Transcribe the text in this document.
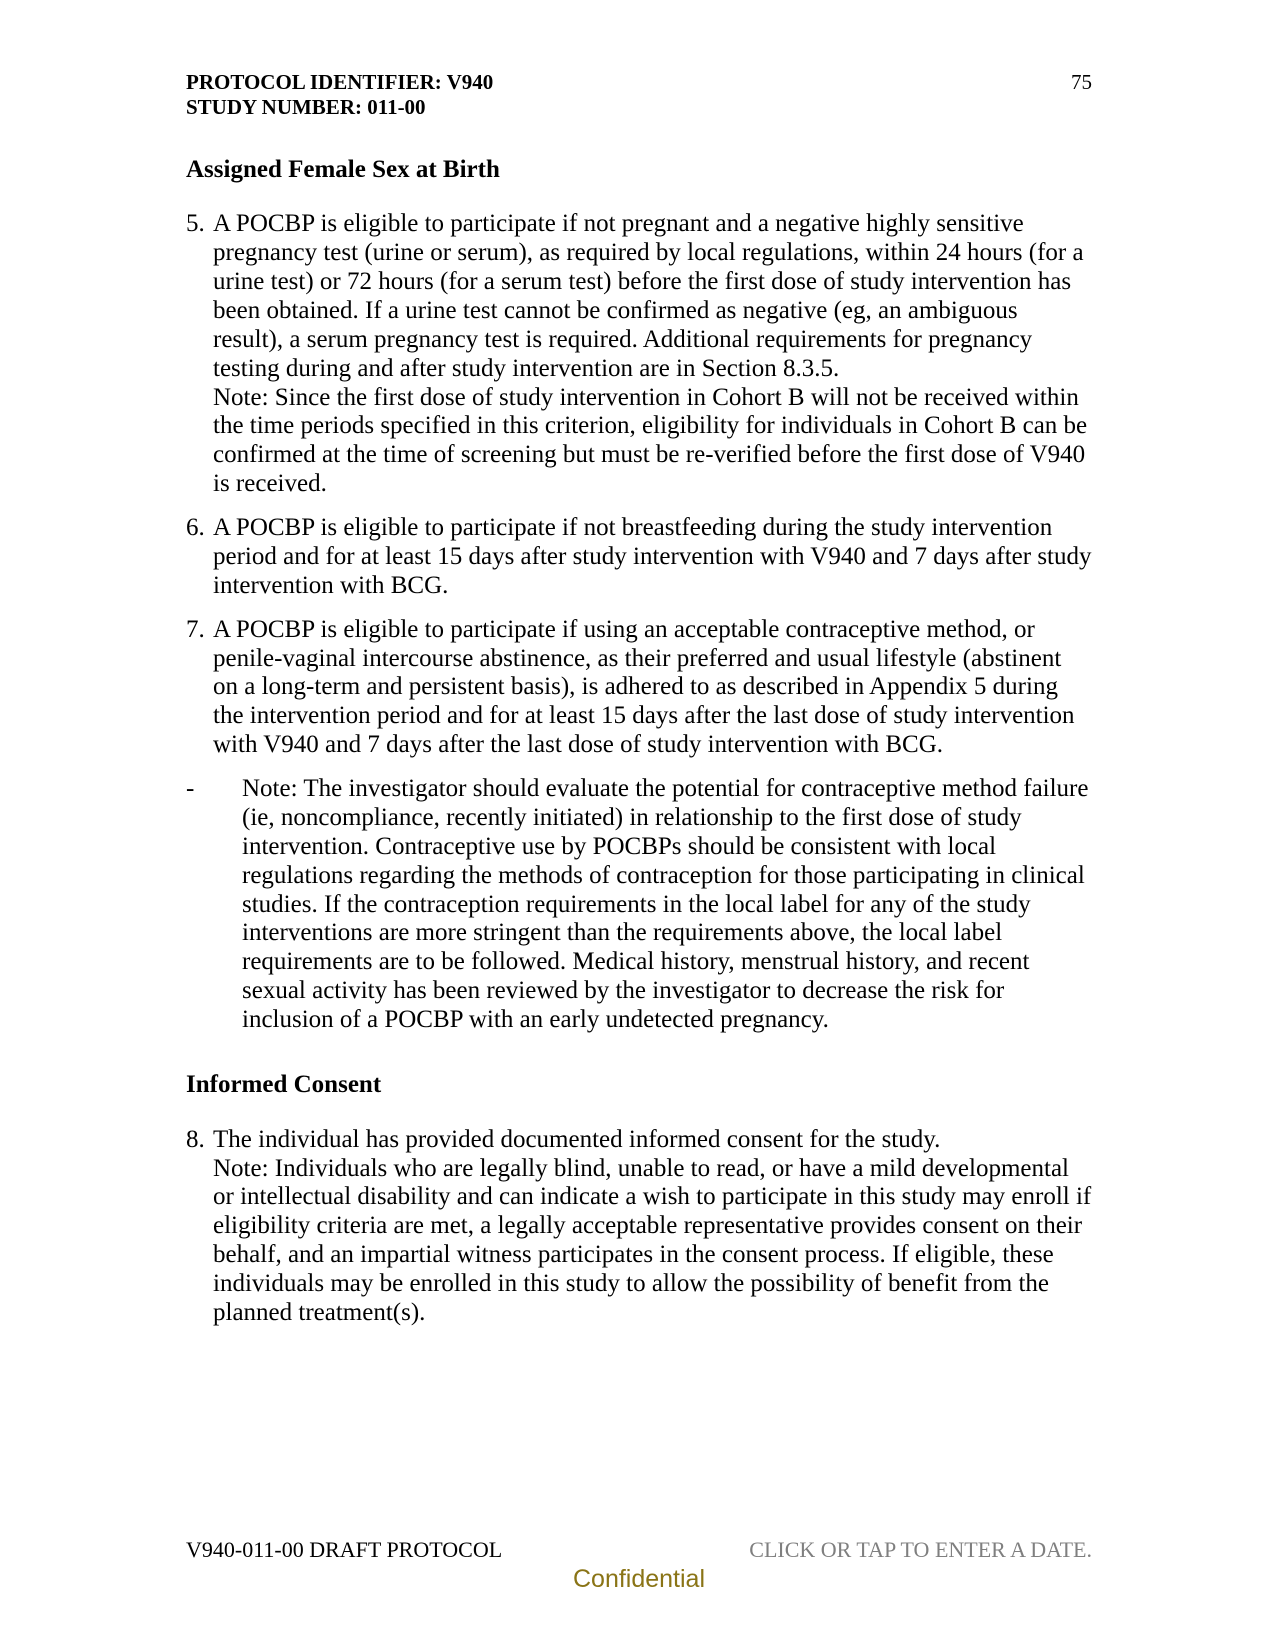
PROTOCOL IDENTIFIER: V940
STUDY NUMBER: 011-00
75
Assigned Female Sex at Birth
5. A POCBP is eligible to participate if not pregnant and a negative highly sensitive pregnancy test (urine or serum), as required by local regulations, within 24 hours (for a urine test) or 72 hours (for a serum test) before the first dose of study intervention has been obtained. If a urine test cannot be confirmed as negative (eg, an ambiguous result), a serum pregnancy test is required. Additional requirements for pregnancy testing during and after study intervention are in Section 8.3.5.

Note: Since the first dose of study intervention in Cohort B will not be received within the time periods specified in this criterion, eligibility for individuals in Cohort B can be confirmed at the time of screening but must be re-verified before the first dose of V940 is received.

6. A POCBP is eligible to participate if not breastfeeding during the study intervention period and for at least 15 days after study intervention with V940 and 7 days after study intervention with BCG.

7. A POCBP is eligible to participate if using an acceptable contraceptive method, or penile-vaginal intercourse abstinence, as their preferred and usual lifestyle (abstinent on a long-term and persistent basis), is adhered to as described in Appendix 5 during the intervention period and for at least 15 days after the last dose of study intervention with V940 and 7 days after the last dose of study intervention with BCG.

-	Note: The investigator should evaluate the potential for contraceptive method failure (ie, noncompliance, recently initiated) in relationship to the first dose of study intervention. Contraceptive use by POCBPs should be consistent with local regulations regarding the methods of contraception for those participating in clinical studies. If the contraception requirements in the local label for any of the study interventions are more stringent than the requirements above, the local label requirements are to be followed. Medical history, menstrual history, and recent sexual activity has been reviewed by the investigator to decrease the risk for inclusion of a POCBP with an early undetected pregnancy.

Informed Consent
8. The individual has provided documented informed consent for the study.

Note: Individuals who are legally blind, unable to read, or have a mild developmental or intellectual disability and can indicate a wish to participate in this study may enroll if eligibility criteria are met, a legally acceptable representative provides consent on their behalf, and an impartial witness participates in the consent process. If eligible, these individuals may be enrolled in this study to allow the possibility of benefit from the planned treatment(s).

V940-011-00 DRAFT PROTOCOL	CLICK OR TAP TO ENTER A DATE.
Confidential
